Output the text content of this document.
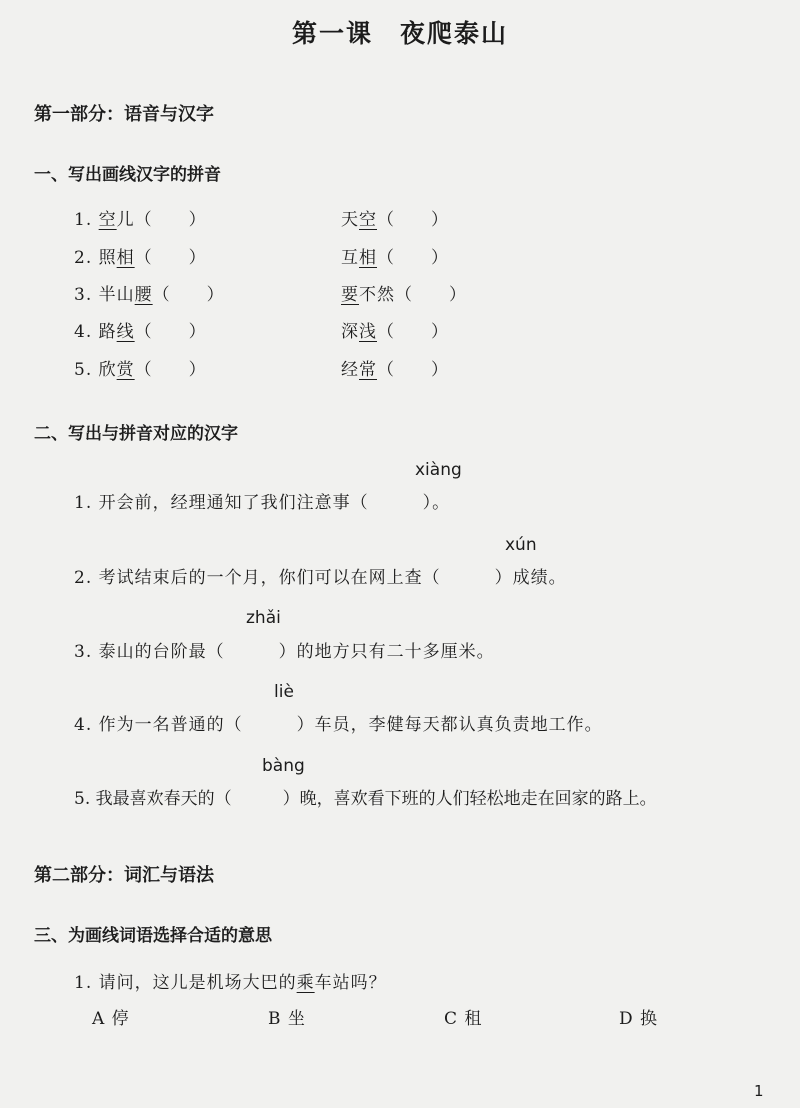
第一课　夜爬泰山
第一部分：语音与汉字
一、写出画线汉字的拼音
1. 空儿（　　）	天空（　　）
2. 照相（　　）	互相（　　）
3. 半山腰（　　）	要不然（　　）
4. 路线（　　）	深浅（　　）
5. 欣赏（　　）	经常（　　）
二、写出与拼音对应的汉字
xiàng
1. 开会前，经理通知了我们注意事（　　　）。
xún
2. 考试结束后的一个月，你们可以在网上查（　　　）成绩。
zhǎi
3. 泰山的台阶最（　　　）的地方只有二十多厘米。
liè
4. 作为一名普通的（　　　）车员，李健每天都认真负责地工作。
bàng
5. 我最喜欢春天的（　　　）晚，喜欢看下班的人们轻松地走在回家的路上。
第二部分：词汇与语法
三、为画线词语选择合适的意思
1. 请问，这儿是机场大巴的乘车站吗？
A 停	B 坐	C 租	D 换
1
